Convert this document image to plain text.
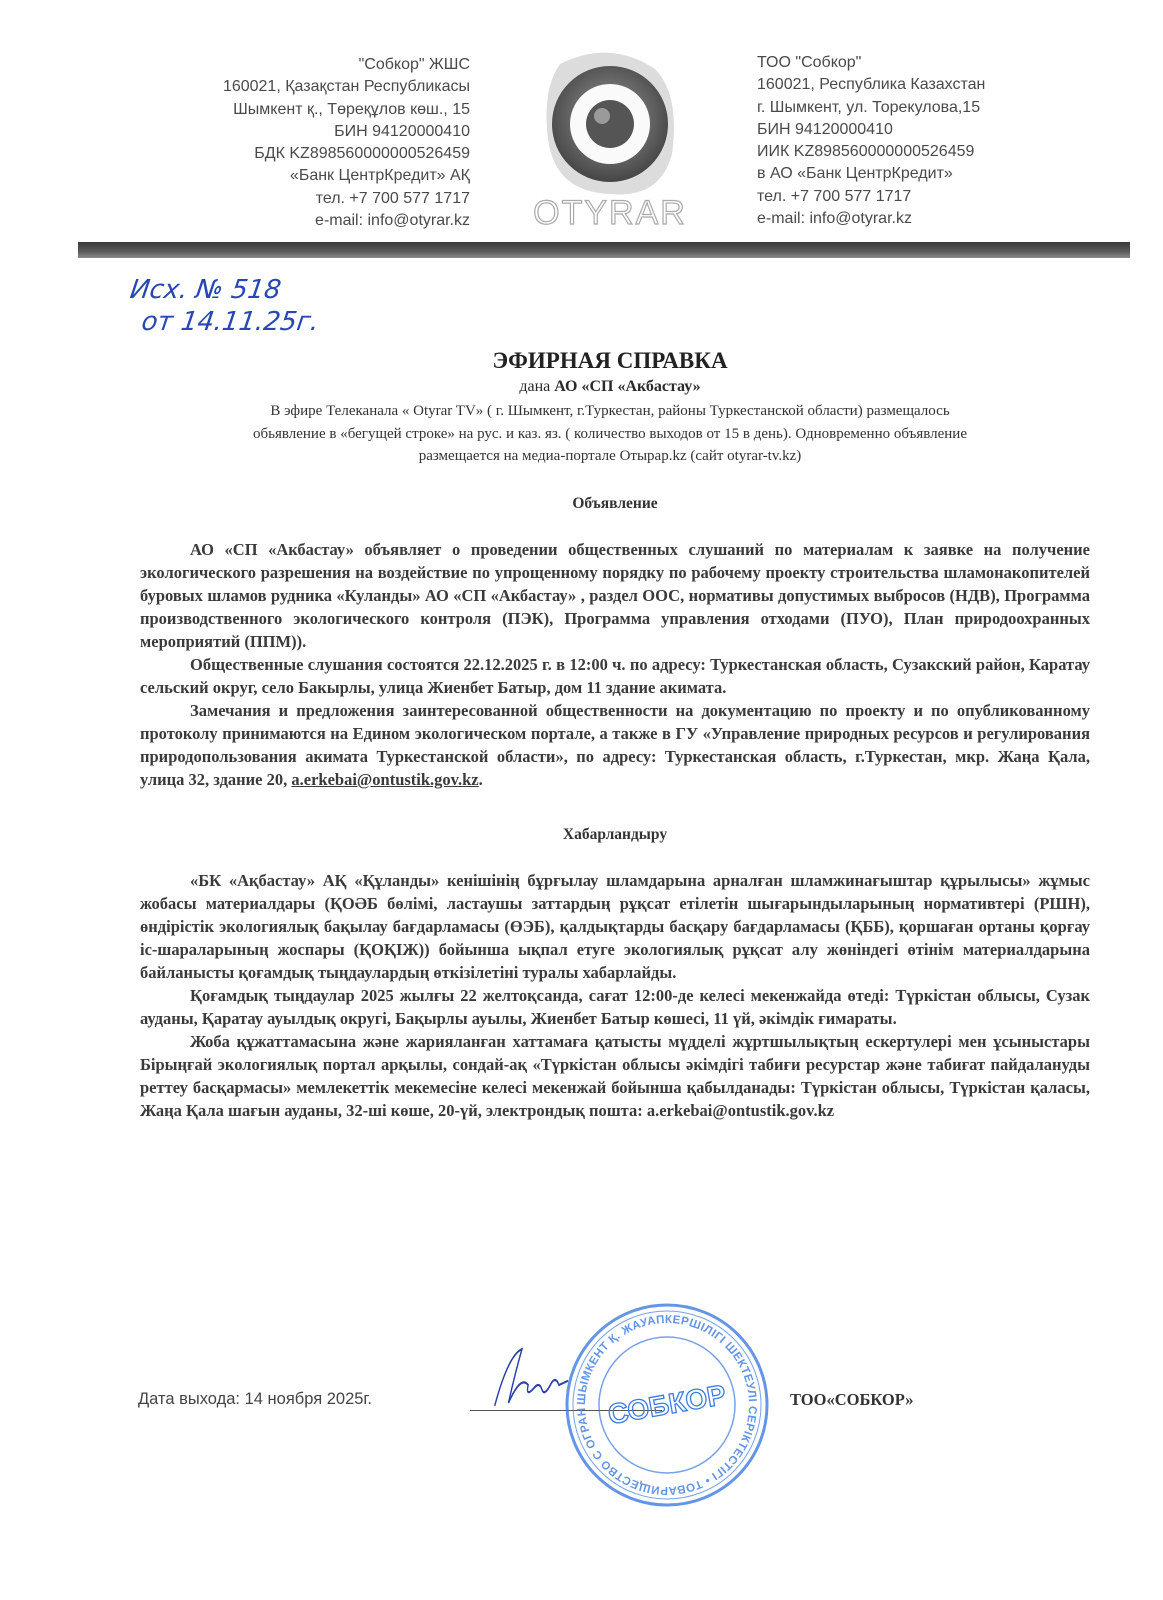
"Собкор" ЖШС
160021, Қазақстан Республикасы
Шымкент қ., Төреқұлов көш., 15
БИН 94120000410
БДК KZ898560000000526459
«Банк ЦентрКредит» АҚ
тел. +7 700 577 1717
e-mail: info@otyrar.kz OTYRAR
ТОО "Собкор"
160021, Республика Казахстан
г. Шымкент, ул. Торекулова,15
БИН 94120000410
ИИК KZ898560000000526459
в АО «Банк ЦентрКредит»
тел. +7 700 577 1717
e-mail: info@otyrar.kz
Исх. № 518
от 14.11.25г.
ЭФИРНАЯ СПРАВКА
дана АО «СП «Акбастау»
В эфире Телеканала « Otyrar TV» ( г. Шымкент, г.Туркестан, районы Туркестанской области) размещалось
обьявление в «бегущей строке» на рус. и каз. яз. ( количество выходов от 15 в день). Одновременно объявление
размещается на медиа-портале Отырар.kz (сайт otyrar-tv.kz)
Объявление

АО «СП «Акбастау» объявляет о проведении общественных слушаний по материалам к заявке на получение экологического разрешения на воздействие по упрощенному порядку по рабочему проекту строительства шламонакопителей буровых шламов рудника «Куланды» АО «СП «Акбастау» , раздел ООС, нормативы допустимых выбросов (НДВ), Программа производственного экологического контроля (ПЭК), Программа управления отходами (ПУО), План природоохранных мероприятий (ППМ)).

Общественные слушания состоятся 22.12.2025 г. в 12:00 ч. по адресу: Туркестанская область, Сузакский район, Каратау сельский округ, село Бакырлы, улица Жиенбет Батыр, дом 11 здание акимата.

Замечания и предложения заинтересованной общественности на документацию по проекту и по опубликованному протоколу принимаются на Едином экологическом портале, а также в ГУ «Управление природных ресурсов и регулирования природопользования акимата Туркестанской области», по адресу: Туркестанская область, г.Туркестан, мкр. Жаңа Қала, улица 32, здание 20, a.erkebai@ontustik.gov.kz.

Хабарландыру

«БК «Ақбастау» АҚ «Құланды» кенішінің бұрғылау шламдарына арналған шламжинағыштар құрылысы» жұмыс жобасы материалдары (ҚОӘБ бөлімі, ластаушы заттардың рұқсат етілетін шығарындыларының нормативтері (РШН), өндірістік экологиялық бақылау бағдарламасы (ӨЭБ), қалдықтарды басқару бағдарламасы (ҚББ), қоршаған ортаны қорғау іс-шараларының жоспары (ҚОҚІЖ)) бойынша ықпал етуге экологиялық рұқсат алу жөніндегі өтінім материалдарына байланысты қоғамдық тыңдаулардың өткізілетіні туралы хабарлайды.

Қоғамдық тыңдаулар 2025 жылғы 22 желтоқсанда, сағат 12:00-де келесі мекенжайда өтеді: Түркістан облысы, Сузак ауданы, Қаратау ауылдық округі, Бақырлы ауылы, Жиенбет Батыр көшесі, 11 үй, әкімдік ғимараты.

Жоба құжаттамасына және жарияланған хаттамаға қатысты мүдделі жұртшылықтың ескертулері мен ұсыныстары Бірыңғай экологиялық портал арқылы, сондай-ақ «Түркістан облысы әкімдігі табиғи ресурстар және табиғат пайдалануды реттеу басқармасы» мемлекеттік мекемесіне келесі мекенжай бойынша қабылданады: Түркістан облысы, Түркістан қаласы, Жаңа Қала шағын ауданы, 32-ші көше, 20-үй, электрондық пошта: a.erkebai@ontustik.gov.kz

Дата выхода: 14 ноября 2025г.	ШЫМКЕНТ Қ. ЖАУАПКЕРШІЛІГІ ШЕКТЕУЛІ СЕРІКТЕСТІГІ • ТОВАРИЩЕСТВО С ОГРАН СОБКОР	ТОО«СОБКОР»
